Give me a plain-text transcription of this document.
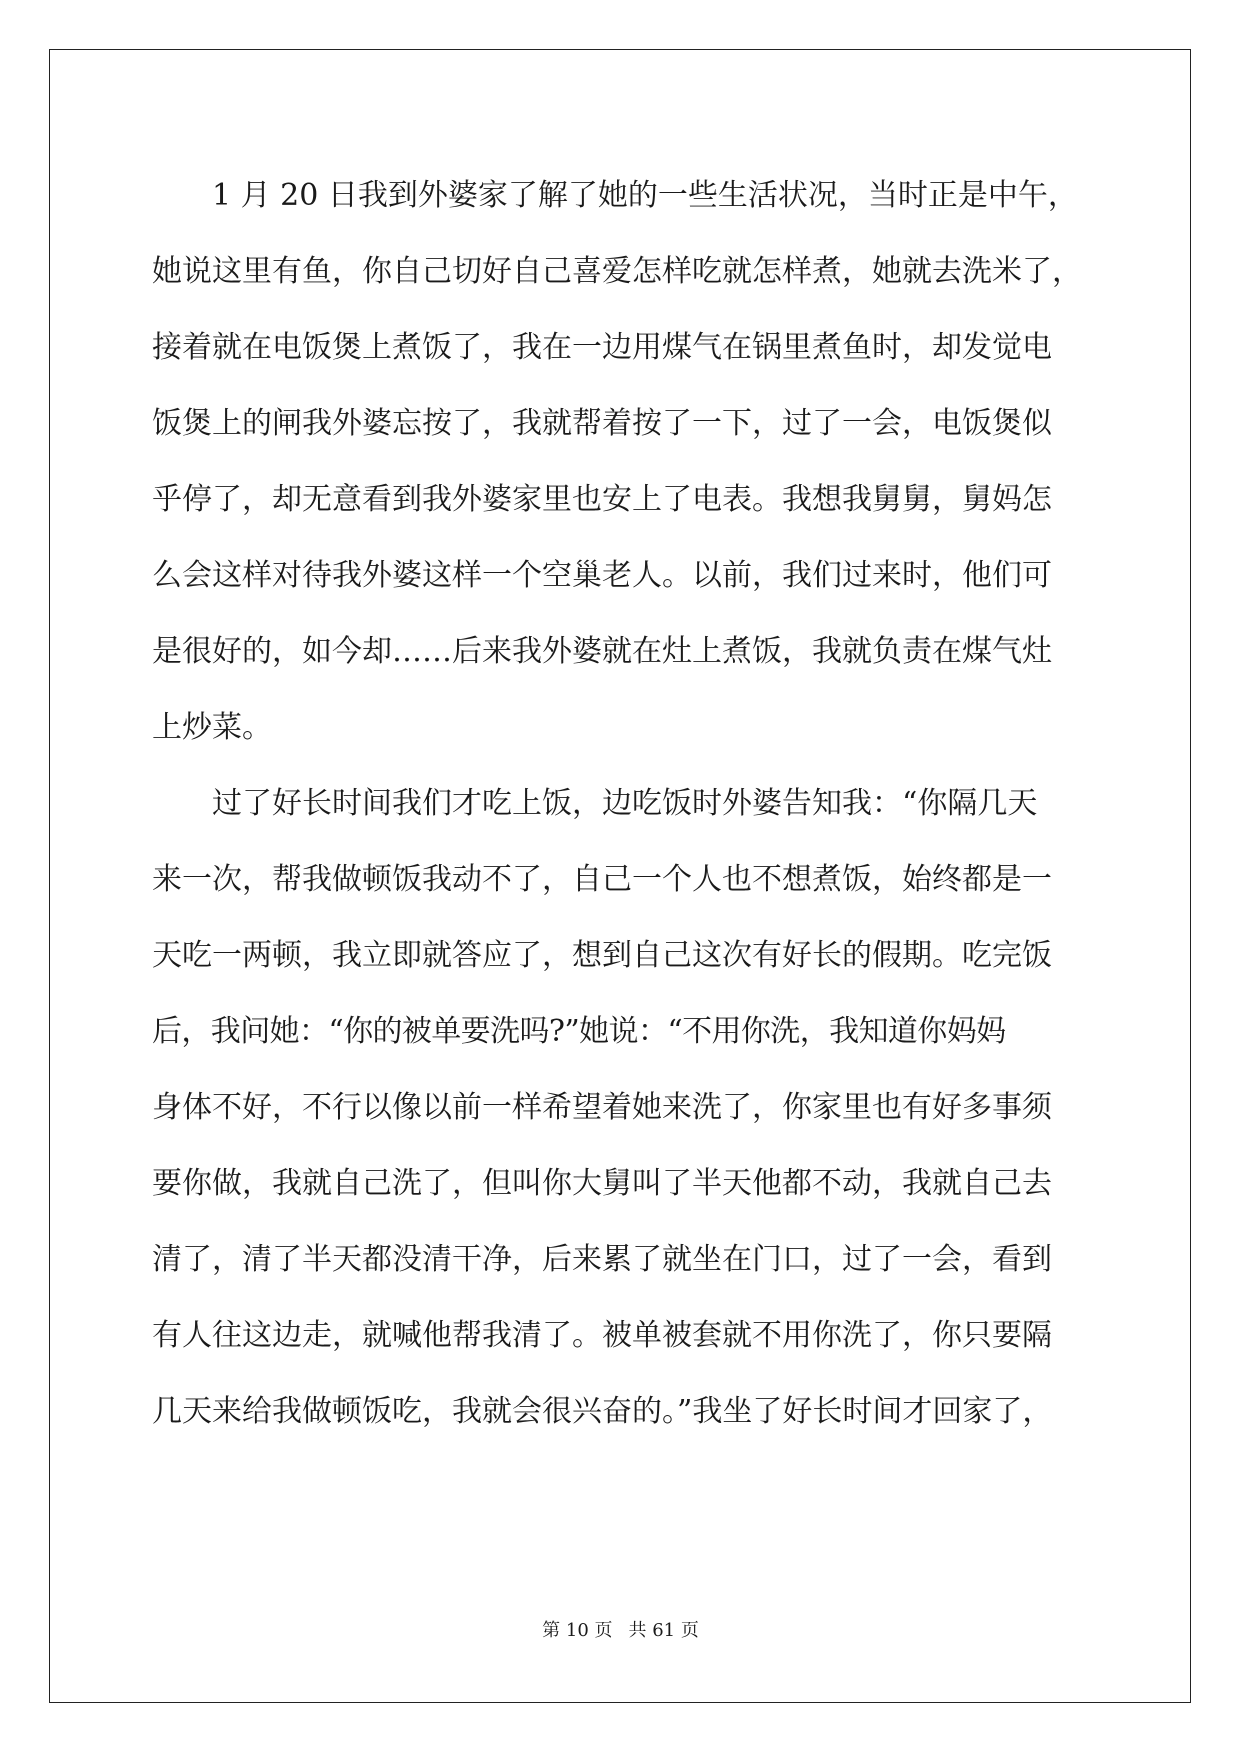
　　1 月 20 日我到外婆家了解了她的一些生活状况，当时正是中午，
她说这里有鱼，你自己切好自己喜爱怎样吃就怎样煮，她就去洗米了，
接着就在电饭煲上煮饭了，我在一边用煤气在锅里煮鱼时，却发觉电
饭煲上的闸我外婆忘按了，我就帮着按了一下，过了一会，电饭煲似
乎停了，却无意看到我外婆家里也安上了电表。我想我舅舅，舅妈怎
么会这样对待我外婆这样一个空巢老人。以前，我们过来时，他们可
是很好的，如今却……后来我外婆就在灶上煮饭，我就负责在煤气灶
上炒菜。
　　过了好长时间我们才吃上饭，边吃饭时外婆告知我：“你隔几天
来一次，帮我做顿饭我动不了，自己一个人也不想煮饭，始终都是一
天吃一两顿，我立即就答应了，想到自己这次有好长的假期。吃完饭
后，我问她：“你的被单要洗吗?”她说：“不用你洗，我知道你妈妈
身体不好，不行以像以前一样希望着她来洗了，你家里也有好多事须
要你做，我就自己洗了，但叫你大舅叫了半天他都不动，我就自己去
清了，清了半天都没清干净，后来累了就坐在门口，过了一会，看到
有人往这边走，就喊他帮我清了。被单被套就不用你洗了，你只要隔
几天来给我做顿饭吃，我就会很兴奋的。”我坐了好长时间才回家了，
第 10 页 共 61 页
